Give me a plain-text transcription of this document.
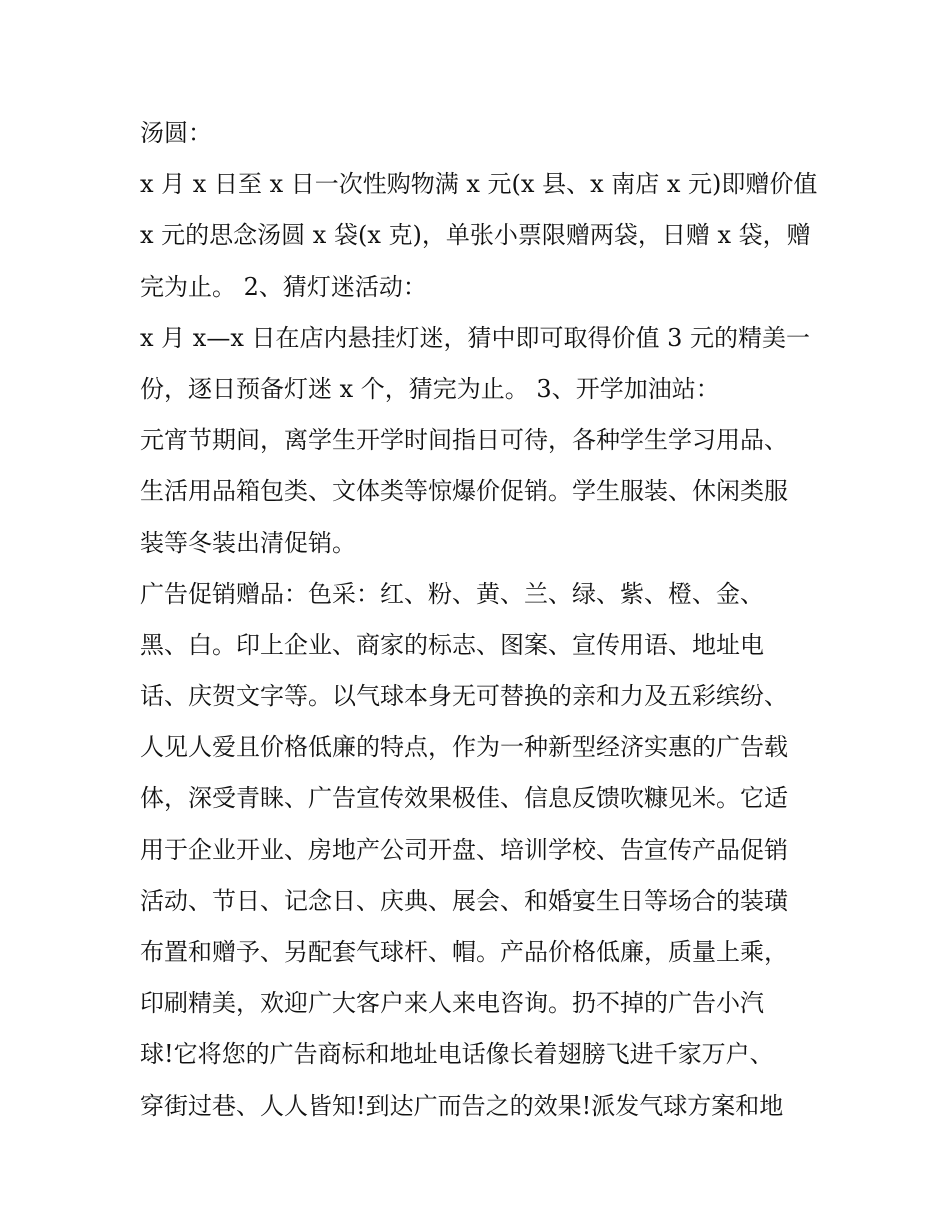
汤圆：
x 月 x 日至 x 日一次性购物满 x 元(x 县、x 南店 x 元)即赠价值
x 元的思念汤圆 x 袋(x 克)，单张小票限赠两袋，日赠 x 袋，赠
完为止。 2、猜灯迷活动：
x 月 x—x 日在店内悬挂灯迷，猜中即可取得价值 3 元的精美一
份，逐日预备灯迷 x 个，猜完为止。 3、开学加油站：
元宵节期间，离学生开学时间指日可待，各种学生学习用品、
生活用品箱包类、文体类等惊爆价促销。学生服装、休闲类服
装等冬装出清促销。
广告促销赠品：色采：红、粉、黄、兰、绿、紫、橙、金、
黑、白。印上企业、商家的标志、图案、宣传用语、地址电
话、庆贺文字等。以气球本身无可替换的亲和力及五彩缤纷、
人见人爱且价格低廉的特点，作为一种新型经济实惠的广告载
体，深受青睐、广告宣传效果极佳、信息反馈吹糠见米。它适
用于企业开业、房地产公司开盘、培训学校、告宣传产品促销
活动、节日、记念日、庆典、展会、和婚宴生日等场合的装璜
布置和赠予、另配套气球杆、帽。产品价格低廉，质量上乘，
印刷精美，欢迎广大客户来人来电咨询。扔不掉的广告小汽
球!它将您的广告商标和地址电话像长着翅膀飞进千家万户、
穿街过巷、人人皆知!到达广而告之的效果!派发气球方案和地
